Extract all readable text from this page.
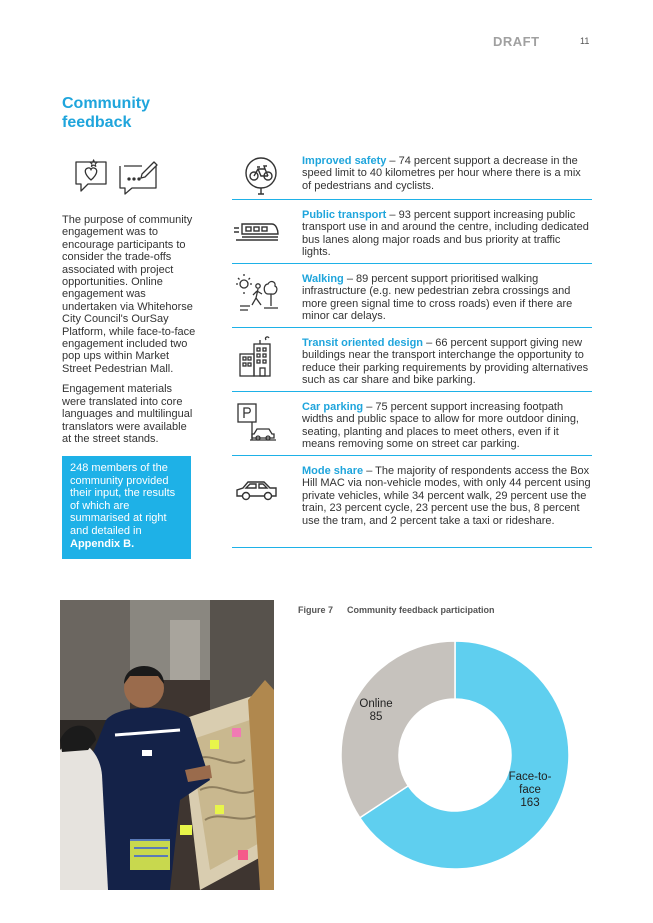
DRAFT	11
Community
feedback

The purpose of community engagement was to encourage participants to consider the trade-offs associated with project opportunities. Online engagement was undertaken via Whitehorse City Council's OurSay Platform, while face-to-face engagement included two pop ups within Market Street Pedestrian Mall.

Engagement materials were translated into core languages and multilingual translators were available at the street stands.

248 members of the community provided their input, the results of which are summarised at right and detailed in Appendix B.
Improved safety – 74 percent support a decrease in the speed limit to 40 kilometres per hour where there is a mix of pedestrians and cyclists.
Public transport – 93 percent support increasing public transport use in and around the centre, including dedicated bus lanes along major roads and bus priority at traffic lights.
Walking – 89 percent support prioritised walking infrastructure (e.g. new pedestrian zebra crossings and more green signal time to cross roads) even if there are minor car delays.
Transit oriented design – 66 percent support giving new buildings near the transport interchange the opportunity to reduce their parking requirements by providing alternatives such as car share and bike parking.
Car parking – 75 percent support increasing footpath widths and public space to allow for more outdoor dining, seating, planting and places to meet others, even if it means removing some on street car parking.
Mode share – The majority of respondents access the Box Hill MAC via non-vehicle modes, with only 44 percent using private vehicles, while 34 percent walk, 29 percent use the train, 23 percent cycle, 23 percent use the bus, 8 percent use the tram, and 2 percent take a taxi or rideshare.
Figure 7 Community feedback participation
Face-to-face 163
Online 85
